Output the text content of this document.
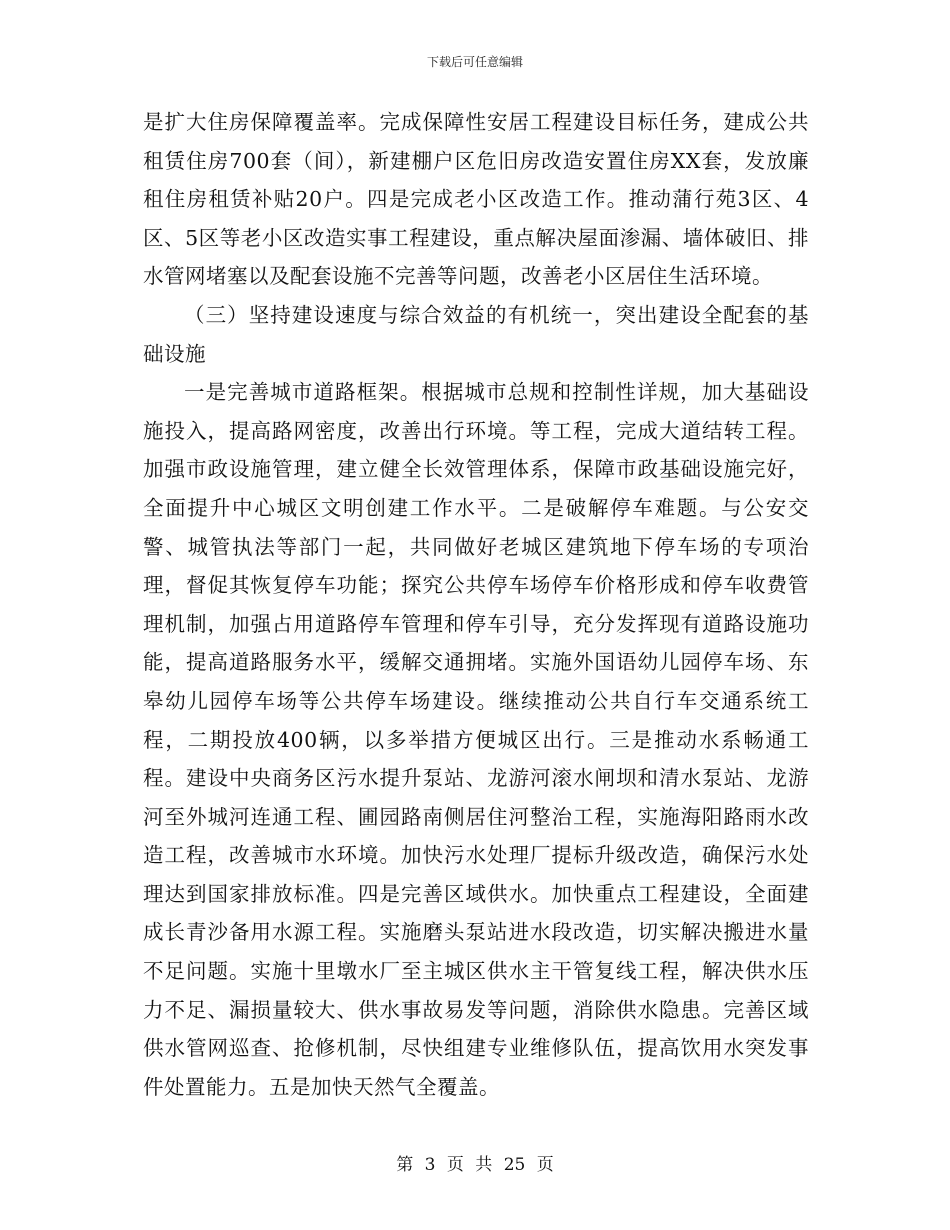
下载后可任意编辑

是扩大住房保障覆盖率。完成保障性安居工程建设目标任务，建成公共租赁住房700套（间），新建棚户区危旧房改造安置住房XX套，发放廉租住房租赁补贴20户。四是完成老小区改造工作。推动蒲行苑3区、4区、5区等老小区改造实事工程建设，重点解决屋面渗漏、墙体破旧、排水管网堵塞以及配套设施不完善等问题，改善老小区居住生活环境。

（三）坚持建设速度与综合效益的有机统一，突出建设全配套的基础设施

一是完善城市道路框架。根据城市总规和控制性详规，加大基础设施投入，提高路网密度，改善出行环境。等工程，完成大道结转工程。加强市政设施管理，建立健全长效管理体系，保障市政基础设施完好，全面提升中心城区文明创建工作水平。二是破解停车难题。与公安交警、城管执法等部门一起，共同做好老城区建筑地下停车场的专项治理，督促其恢复停车功能；探究公共停车场停车价格形成和停车收费管理机制，加强占用道路停车管理和停车引导，充分发挥现有道路设施功能，提高道路服务水平，缓解交通拥堵。实施外国语幼儿园停车场、东皋幼儿园停车场等公共停车场建设。继续推动公共自行车交通系统工程，二期投放400辆，以多举措方便城区出行。三是推动水系畅通工程。建设中央商务区污水提升泵站、龙游河滚水闸坝和清水泵站、龙游河至外城河连通工程、圃园路南侧居住河整治工程，实施海阳路雨水改造工程，改善城市水环境。加快污水处理厂提标升级改造，确保污水处理达到国家排放标准。四是完善区域供水。加快重点工程建设，全面建成长青沙备用水源工程。实施磨头泵站进水段改造，切实解决搬进水量不足问题。实施十里墩水厂至主城区供水主干管复线工程，解决供水压力不足、漏损量较大、供水事故易发等问题，消除供水隐患。完善区域供水管网巡查、抢修机制，尽快组建专业维修队伍，提高饮用水突发事件处置能力。五是加快天然气全覆盖。

第 3 页 共 25 页
